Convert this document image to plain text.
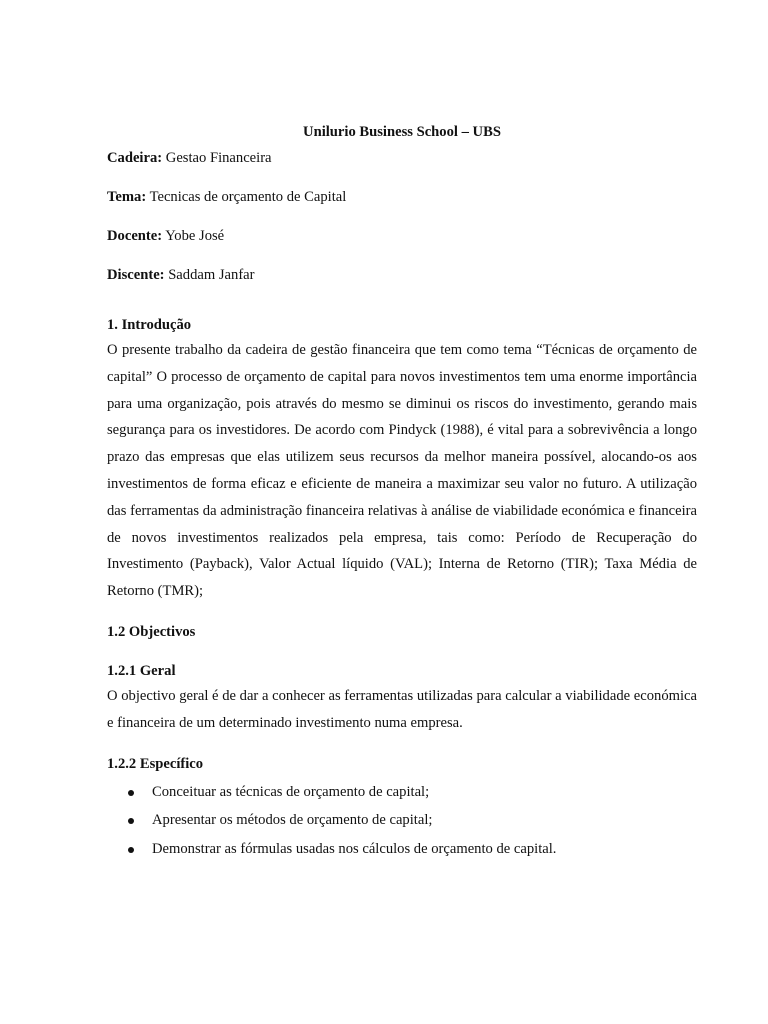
Unilurio Business School – UBS

Cadeira: Gestao Financeira

Tema: Tecnicas de orçamento de Capital

Docente: Yobe José

Discente: Saddam Janfar

1. Introdução

O presente trabalho da cadeira de gestão financeira que tem como tema “Técnicas de orçamento de capital” O processo de orçamento de capital para novos investimentos tem uma enorme importância para uma organização, pois através do mesmo se diminui os riscos do investimento, gerando mais segurança para os investidores. De acordo com Pindyck (1988), é vital para a sobrevivência a longo prazo das empresas que elas utilizem seus recursos da melhor maneira possível, alocando-os aos investimentos de forma eficaz e eficiente de maneira a maximizar seu valor no futuro. A utilização das ferramentas da administração financeira relativas à análise de viabilidade económica e financeira de novos investimentos realizados pela empresa, tais como: Período de Recuperação do Investimento (Payback), Valor Actual líquido (VAL); Interna de Retorno (TIR); Taxa Média de Retorno (TMR);

1.2 Objectivos
1.2.1 Geral

O objectivo geral é de dar a conhecer as ferramentas utilizadas para calcular a viabilidade económica e financeira de um determinado investimento numa empresa.

1.2.2 Específico
Conceituar as técnicas de orçamento de capital;
Apresentar os métodos de orçamento de capital;
Demonstrar as fórmulas usadas nos cálculos de orçamento de capital.
